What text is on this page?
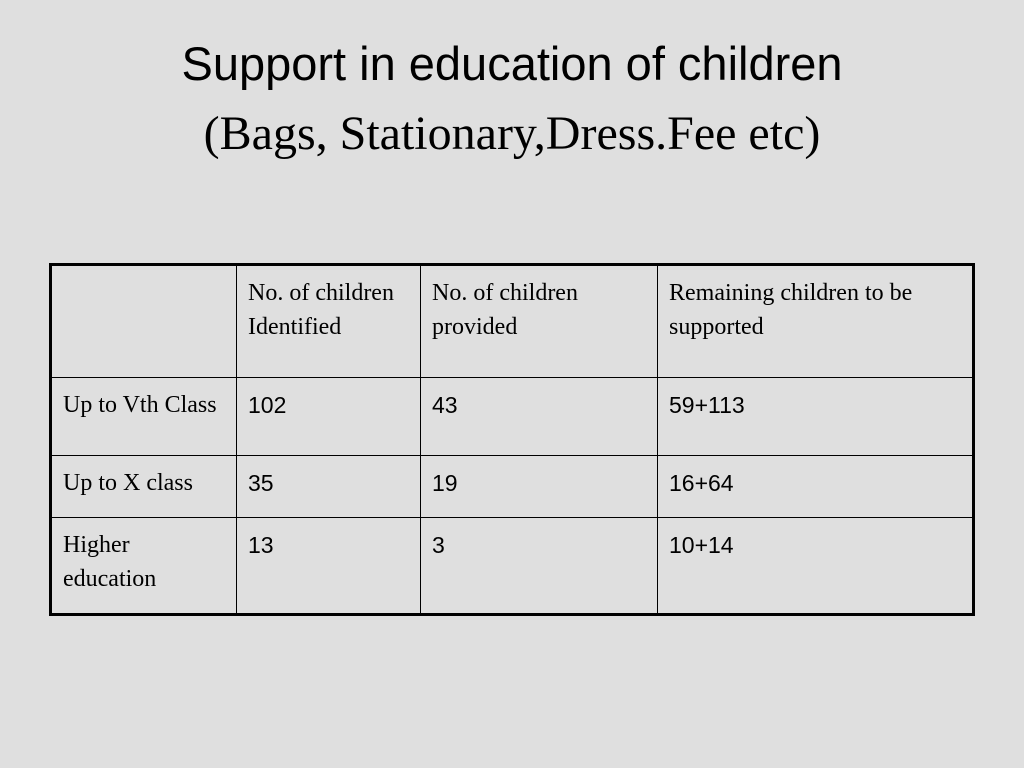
Support in education of children
(Bags, Stationary,Dress.Fee etc)
	No. of children Identified	No. of children provided	Remaining children to be supported
Up to Vth Class	102	43	59+113
Up to X class	35	19	16+64
Higher education	13	3	10+14
